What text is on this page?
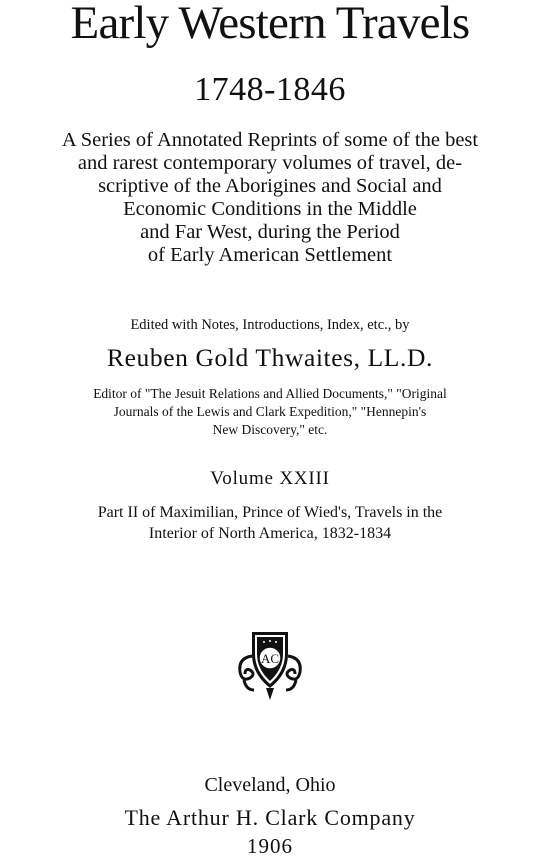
Early Western Travels
1748-1846
A Series of Annotated Reprints of some of the best
and rarest contemporary volumes of travel, de-
scriptive of the Aborigines and Social and
Economic Conditions in the Middle
and Far West, during the Period
of Early American Settlement
Edited with Notes, Introductions, Index, etc., by
Reuben Gold Thwaites, LL.D.
Editor of "The Jesuit Relations and Allied Documents," "Original
Journals of the Lewis and Clark Expedition," "Hennepin's
New Discovery," etc.
Volume XXIII
Part II of Maximilian, Prince of Wied's, Travels in the
Interior of North America, 1832-1834
AC
Cleveland, Ohio
The Arthur H. Clark Company
1906
